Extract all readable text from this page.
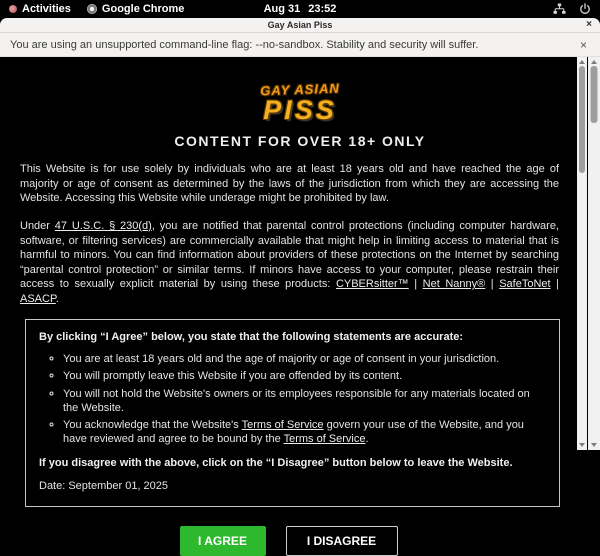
Activities	Google Chrome	Aug 31 23:52
Gay Asian Piss	×
You are using an unsupported command-line flag: --no-sandbox. Stability and security will suffer.	×
GAY ASIAN
PISS
CONTENT FOR OVER 18+ ONLY

This Website is for use solely by individuals who are at least 18 years old and have reached the age of majority or age of consent as determined by the laws of the jurisdiction from which they are accessing the Website. Accessing this Website while underage might be prohibited by law.

Under 47 U.S.C. § 230(d), you are notified that parental control protections (including computer hardware, software, or filtering services) are commercially available that might help in limiting access to material that is harmful to minors. You can find information about providers of these protections on the Internet by searching “parental control protection” or similar terms. If minors have access to your computer, please restrain their access to sexually explicit material by using these products: CYBERsitter™ | Net Nanny® | SafeToNet | ASACP.

By clicking “I Agree” below, you state that the following statements are accurate:

◦ You are at least 18 years old and the age of majority or age of consent in your jurisdiction.
◦ You will promptly leave this Website if you are offended by its content.
◦ You will not hold the Website's owners or its employees responsible for any materials located on the Website.
◦ You acknowledge that the Website's Terms of Service govern your use of the Website, and you have reviewed and agree to be bound by the Terms of Service.

If you disagree with the above, click on the “I Disagree” button below to leave the Website.

Date: September 01, 2025

I AGREE	I DISAGREE
